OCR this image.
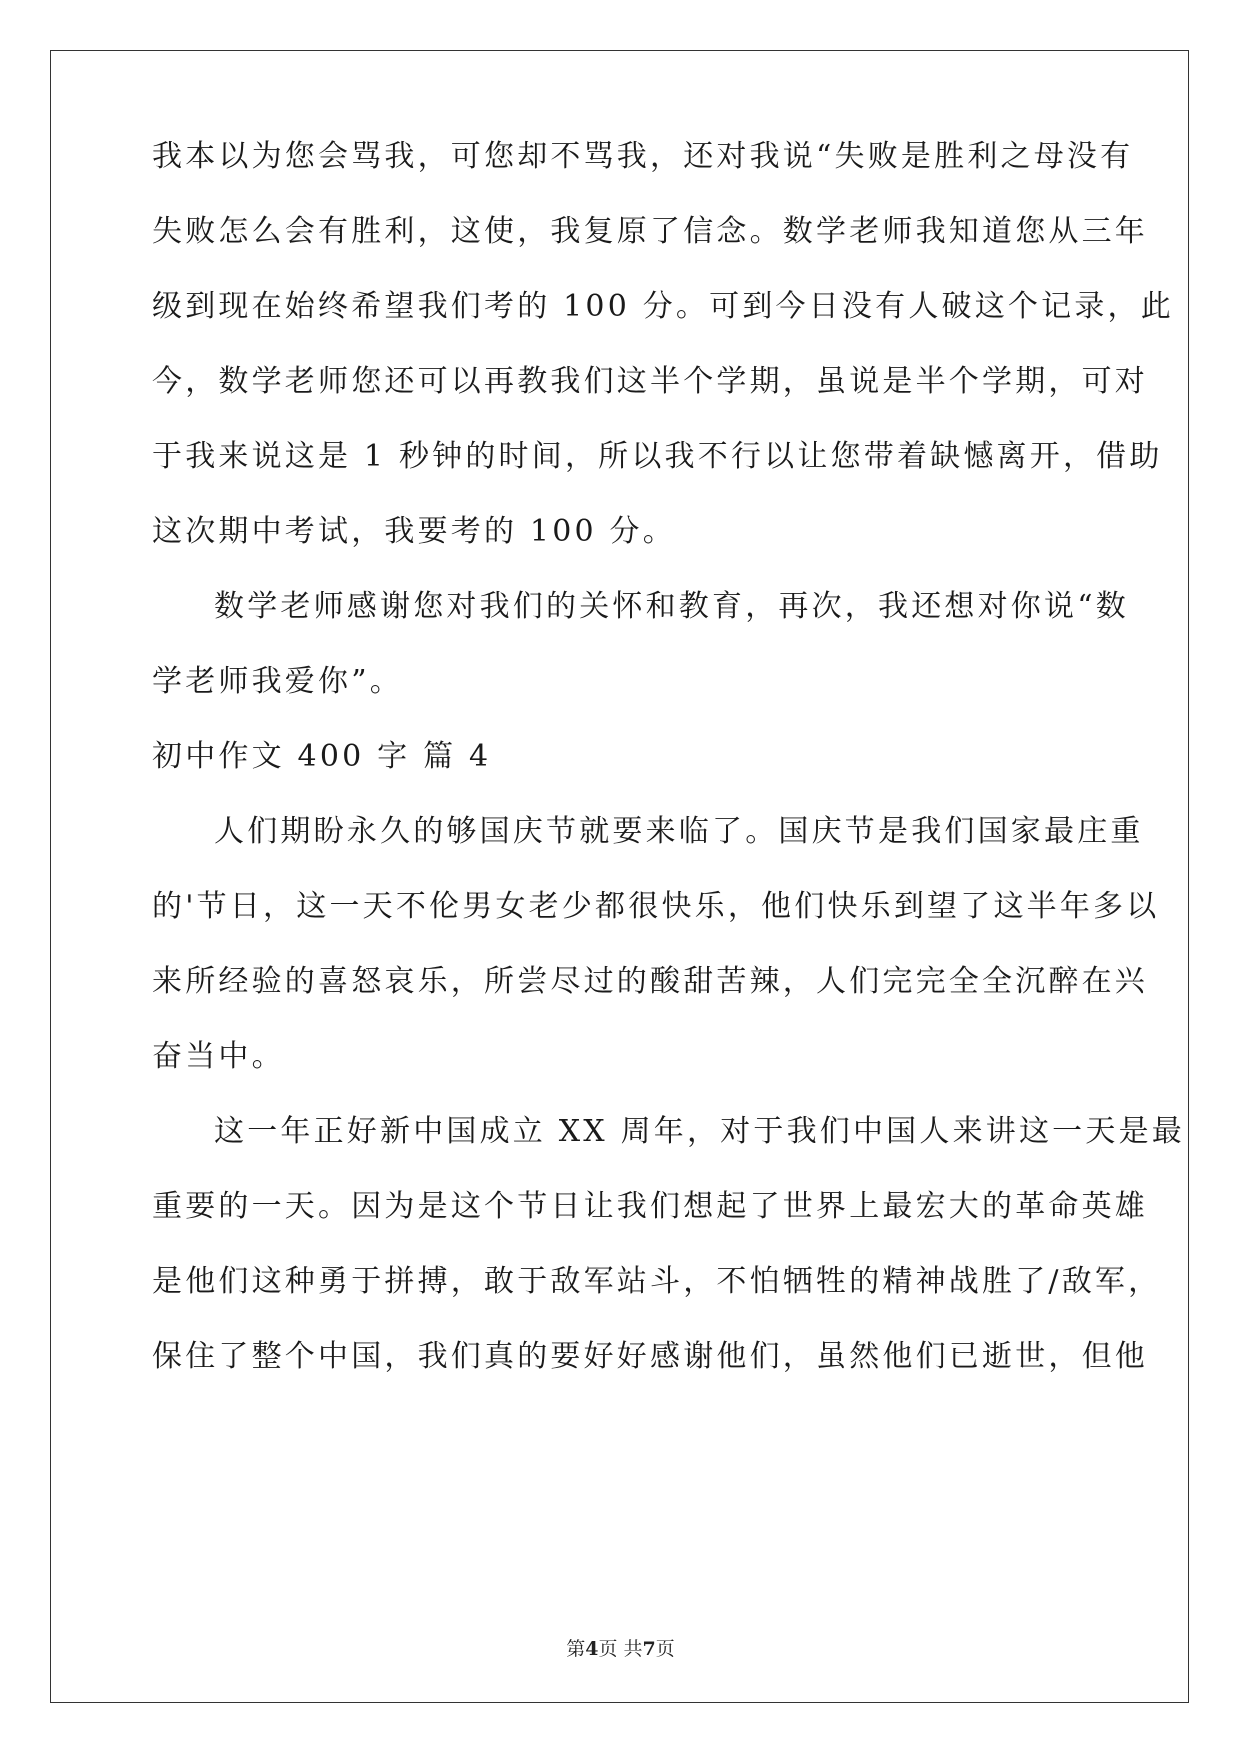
我本以为您会骂我，可您却不骂我，还对我说“失败是胜利之母没有
失败怎么会有胜利，这使，我复原了信念。数学老师我知道您从三年
级到现在始终希望我们考的 100 分。可到今日没有人破这个记录，此
今，数学老师您还可以再教我们这半个学期，虽说是半个学期，可对
于我来说这是 1 秒钟的时间，所以我不行以让您带着缺憾离开，借助
这次期中考试，我要考的 100 分。
数学老师感谢您对我们的关怀和教育，再次，我还想对你说“数
学老师我爱你”。
初中作文 400 字 篇 4
人们期盼永久的够国庆节就要来临了。国庆节是我们国家最庄重
的'节日，这一天不伦男女老少都很快乐，他们快乐到望了这半年多以
来所经验的喜怒哀乐，所尝尽过的酸甜苦辣，人们完完全全沉醉在兴
奋当中。
这一年正好新中国成立 XX 周年，对于我们中国人来讲这一天是最
重要的一天。因为是这个节日让我们想起了世界上最宏大的革命英雄
是他们这种勇于拼搏，敢于敌军站斗，不怕牺牲的精神战胜了/敌军，
保住了整个中国，我们真的要好好感谢他们，虽然他们已逝世，但他
第4页 共7页
